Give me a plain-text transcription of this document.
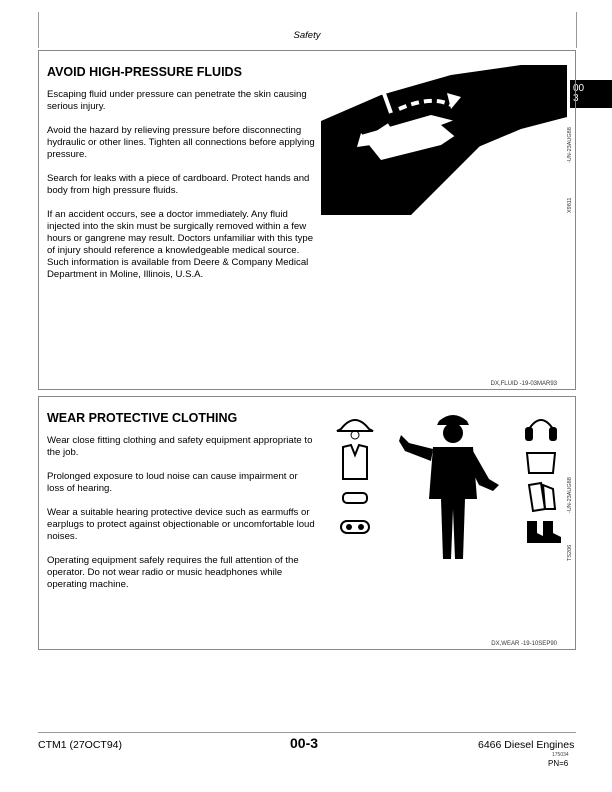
Safety
00
3
AVOID HIGH-PRESSURE FLUIDS

Escaping fluid under pressure can penetrate the skin causing serious injury.

Avoid the hazard by relieving pressure before disconnecting hydraulic or other lines. Tighten all connections before applying pressure.

Search for leaks with a piece of cardboard. Protect hands and body from high pressure fluids.

If an accident occurs, see a doctor immediately. Any fluid injected into the skin must be surgically removed within a few hours or gangrene may result. Doctors unfamiliar with this type of injury should reference a knowledgeable medical source. Such information is available from Deere & Company Medical Department in Moline, Illinois, U.S.A.

X9811
-UN-23AUG88
DX,FLUID -19-03MAR93
WEAR PROTECTIVE CLOTHING

Wear close fitting clothing and safety equipment appropriate to the job.

Prolonged exposure to loud noise can cause impairment or loss of hearing.

Wear a suitable hearing protective device such as earmuffs or earplugs to protect against objectionable or uncomfortable loud noises.

Operating equipment safely requires the full attention of the operator. Do not wear radio or music headphones while operating machine.

TS206
-UN-23AUG88
DX,WEAR -19-10SEP90
CTM1 (27OCT94)	00-3	6466 Diesel Engines
175034
PN=6
